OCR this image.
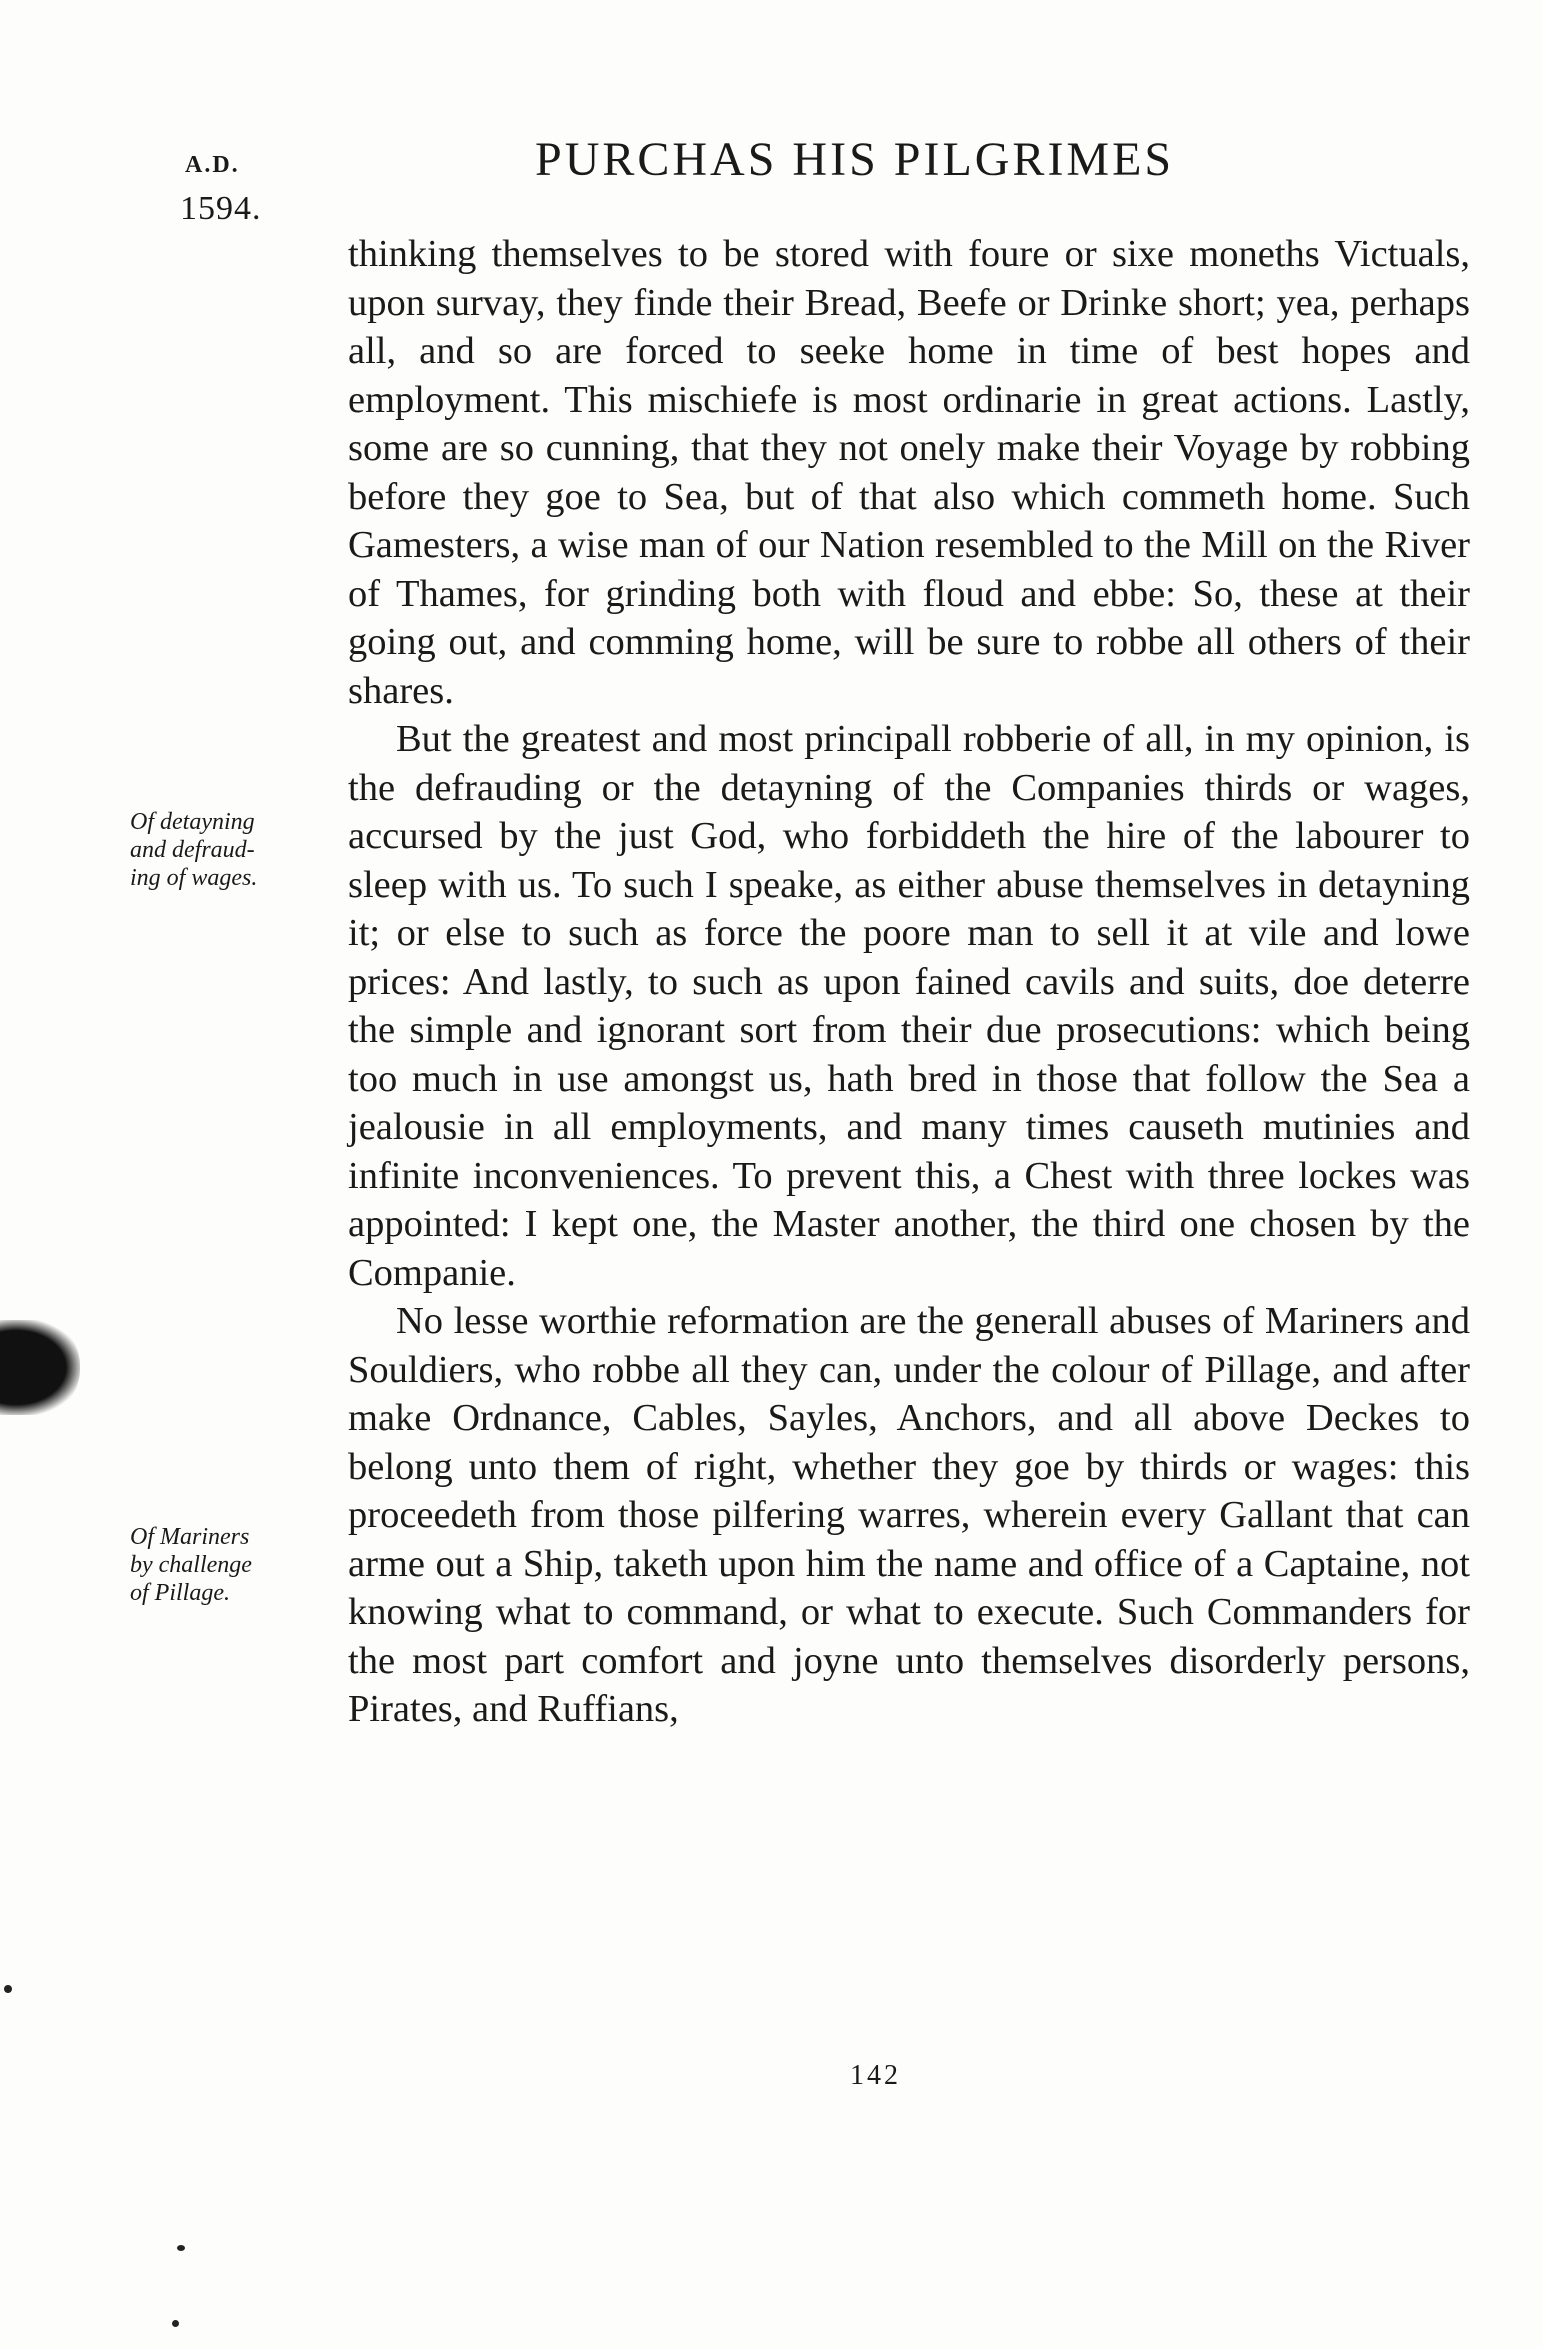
A.D.
1594.
PURCHAS HIS PILGRIMES
Of detayning
and defraud-
ing of wages.
Of Mariners
by challenge
of Pillage.

thinking themselves to be stored with foure or sixe moneths Victuals, upon survay, they finde their Bread, Beefe or Drinke short; yea, perhaps all, and so are forced to seeke home in time of best hopes and employment. This mischiefe is most ordinarie in great actions. Lastly, some are so cunning, that they not onely make their Voyage by robbing before they goe to Sea, but of that also which commeth home. Such Gamesters, a wise man of our Nation resembled to the Mill on the River of Thames, for grinding both with floud and ebbe: So, these at their going out, and comming home, will be sure to robbe all others of their shares.

But the greatest and most principall robberie of all, in my opinion, is the defrauding or the detayning of the Companies thirds or wages, accursed by the just God, who forbiddeth the hire of the labourer to sleep with us. To such I speake, as either abuse themselves in detayning it; or else to such as force the poore man to sell it at vile and lowe prices: And lastly, to such as upon fained cavils and suits, doe deterre the simple and ignorant sort from their due prosecutions: which being too much in use amongst us, hath bred in those that follow the Sea a jealousie in all employments, and many times causeth mutinies and infinite inconveniences. To prevent this, a Chest with three lockes was appointed: I kept one, the Master another, the third one chosen by the Companie.

No lesse worthie reformation are the generall abuses of Mariners and Souldiers, who robbe all they can, under the colour of Pillage, and after make Ordnance, Cables, Sayles, Anchors, and all above Deckes to belong unto them of right, whether they goe by thirds or wages: this proceedeth from those pilfering warres, wherein every Gallant that can arme out a Ship, taketh upon him the name and office of a Captaine, not knowing what to command, or what to execute. Such Commanders for the most part comfort and joyne unto themselves disorderly persons, Pirates, and Ruffians,

142
